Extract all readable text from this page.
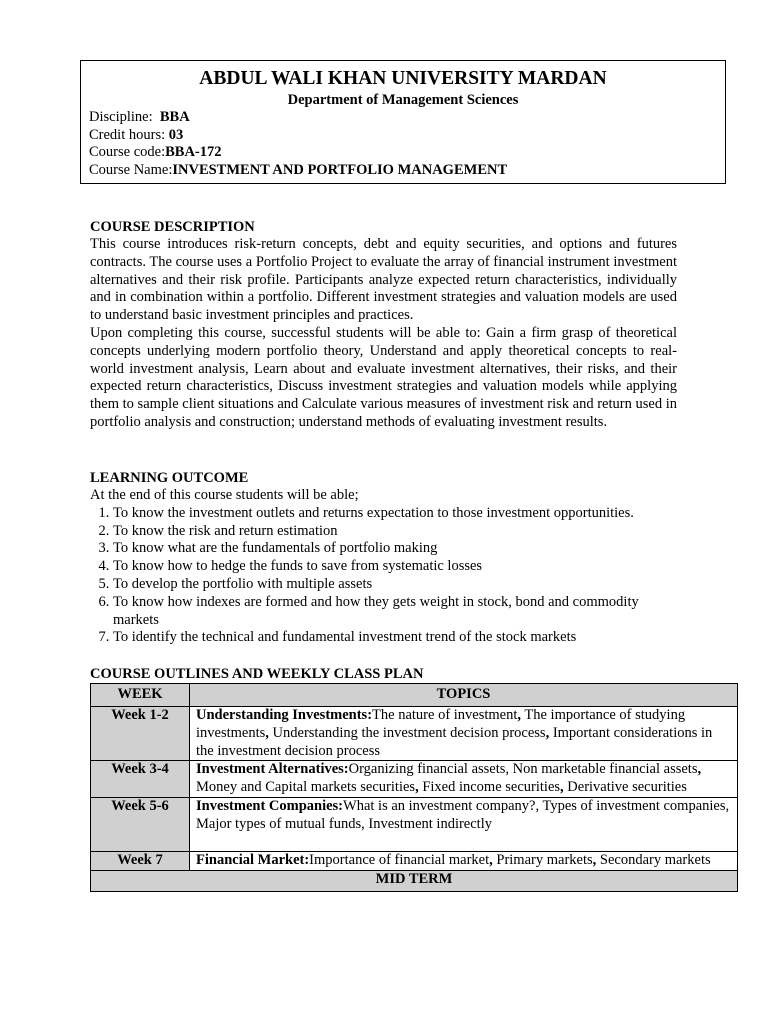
ABDUL WALI KHAN UNIVERSITY MARDAN
Department of Management Sciences
Discipline: BBA
Credit hours: 03
Course code:BBA-172
Course Name:INVESTMENT AND PORTFOLIO MANAGEMENT
COURSE DESCRIPTION
This course introduces risk-return concepts, debt and equity securities, and options and futures contracts. The course uses a Portfolio Project to evaluate the array of financial instrument investment alternatives and their risk profile. Participants analyze expected return characteristics, individually and in combination within a portfolio. Different investment strategies and valuation models are used to understand basic investment principles and practices.
Upon completing this course, successful students will be able to: Gain a firm grasp of theoretical concepts underlying modern portfolio theory, Understand and apply theoretical concepts to real-world investment analysis, Learn about and evaluate investment alternatives, their risks, and their expected return characteristics, Discuss investment strategies and valuation models while applying them to sample client situations and Calculate various measures of investment risk and return used in portfolio analysis and construction; understand methods of evaluating investment results.
LEARNING OUTCOME
At the end of this course students will be able;
1. To know the investment outlets and returns expectation to those investment opportunities.
2. To know the risk and return estimation
3. To know what are the fundamentals of portfolio making
4. To know how to hedge the funds to save from systematic losses
5. To develop the portfolio with multiple assets
6. To know how indexes are formed and how they gets weight in stock, bond and commodity markets
7. To identify the technical and fundamental investment trend of the stock markets
COURSE OUTLINES AND WEEKLY CLASS PLAN
WEEK	TOPICS
Week 1-2	Understanding Investments:The nature of investment, The importance of studying investments, Understanding the investment decision process, Important considerations in the investment decision process
Week 3-4	Investment Alternatives:Organizing financial assets, Non marketable financial assets, Money and Capital markets securities, Fixed income securities, Derivative securities
Week 5-6	Investment Companies:What is an investment company?, Types of investment companies, Major types of mutual funds, Investment indirectly
Week 7	Financial Market:Importance of financial market, Primary markets, Secondary markets
MID TERM	
